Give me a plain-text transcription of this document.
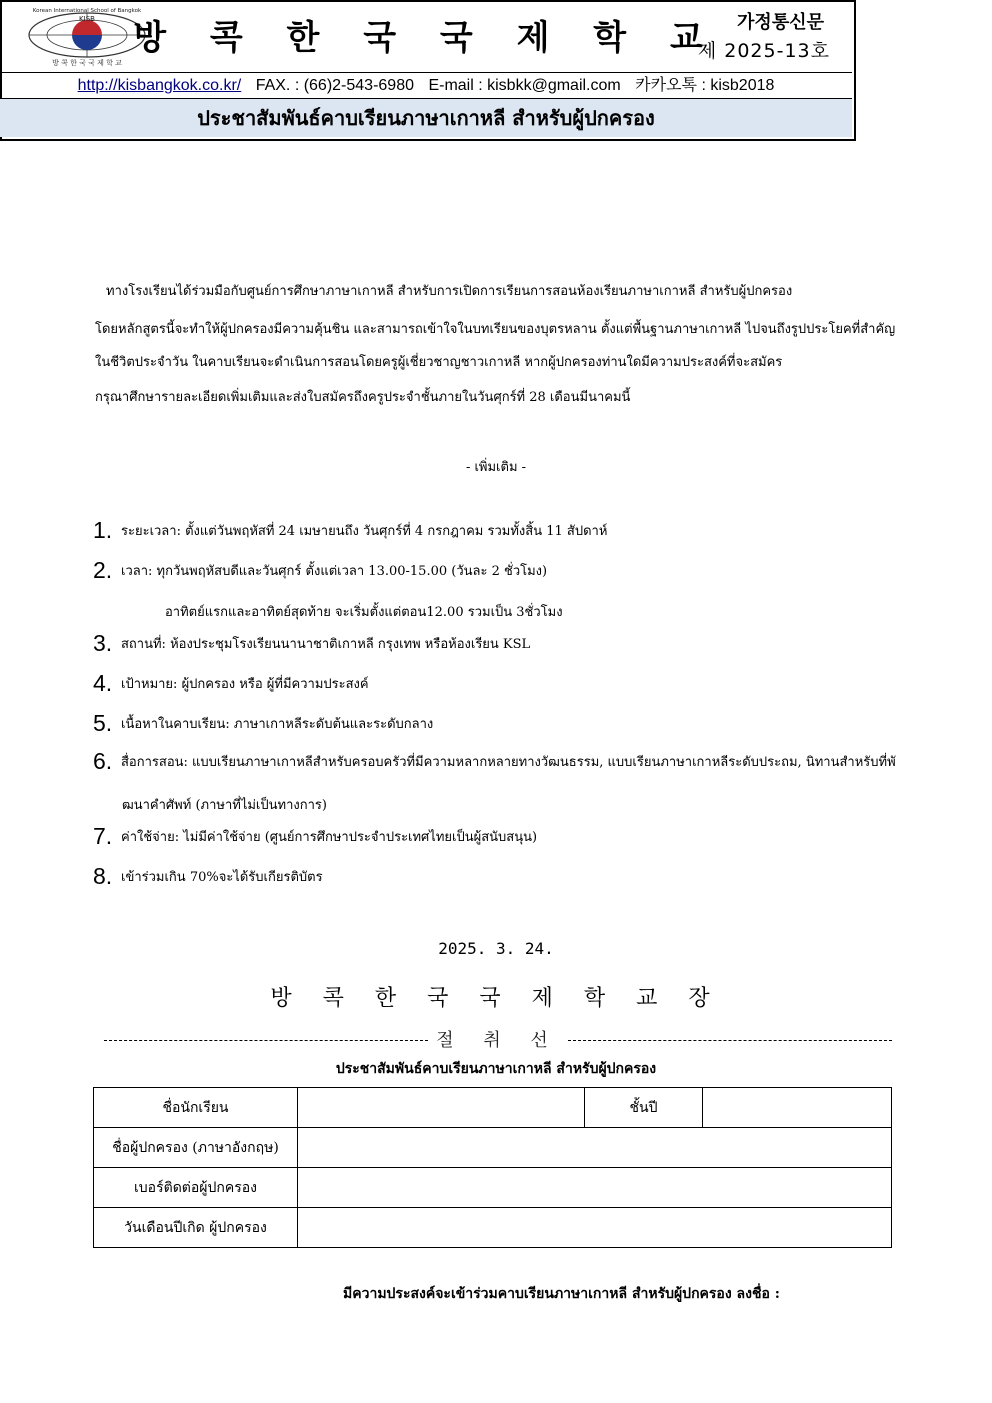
KISB
Korean International School of Bangkok
방 콕 한 국 국 제 학 교
방 콕 한 국 국 제 학 교	가정통신문
제 2025-13호
http://kisbangkok.co.kr/ FAX. : (66)2-543-6980 E-mail : kisbkk@gmail.com 카카오톡 : kisb2018
ประชาสัมพันธ์คาบเรียนภาษาเกาหลี สำหรับผู้ปกครอง
ทางโรงเรียนได้ร่วมมือกับศูนย์การศึกษาภาษาเกาหลี สำหรับการเปิดการเรียนการสอนห้องเรียนภาษาเกาหลี สำหรับผู้ปกครอง
โดยหลักสูตรนี้จะทำให้ผู้ปกครองมีความคุ้นชิน และสามารถเข้าใจในบทเรียนของบุตรหลาน ตั้งแต่พื้นฐานภาษาเกาหลี ไปจนถึงรูปประโยคที่สำคัญ
ในชีวิตประจำวัน ในคาบเรียนจะดำเนินการสอนโดยครูผู้เชี่ยวชาญชาวเกาหลี หากผู้ปกครองท่านใดมีความประสงค์ที่จะสมัคร
กรุณาศึกษารายละเอียดเพิ่มเติมและส่งใบสมัครถึงครูประจำชั้นภายในวันศุกร์ที่ 28 เดือนมีนาคมนี้
- เพิ่มเติม -
1. ระยะเวลา: ตั้งแต่วันพฤหัสที่ 24 เมษายนถึง วันศุกร์ที่ 4 กรกฎาคม รวมทั้งสิ้น 11 สัปดาห์
2. เวลา: ทุกวันพฤหัสบดีและวันศุกร์ ตั้งแต่เวลา 13.00-15.00 (วันละ 2 ชั่วโมง)
อาทิตย์แรกและอาทิตย์สุดท้าย จะเริ่มตั้งแต่ตอน12.00 รวมเป็น 3ชั่วโมง
3. สถานที่: ห้องประชุมโรงเรียนนานาชาติเกาหลี กรุงเทพ หรือห้องเรียน KSL
4. เป้าหมาย: ผู้ปกครอง หรือ ผู้ที่มีความประสงค์
5. เนื้อหาในคาบเรียน: ภาษาเกาหลีระดับต้นและระดับกลาง
6. สื่อการสอน: แบบเรียนภาษาเกาหลีสำหรับครอบครัวที่มีความหลากหลายทางวัฒนธรรม, แบบเรียนภาษาเกาหลีระดับประถม, นิทานสำหรับที่พั
ฒนาคำศัพท์ (ภาษาที่ไม่เป็นทางการ)
7. ค่าใช้จ่าย: ไม่มีค่าใช้จ่าย (ศูนย์การศึกษาประจำประเทศไทยเป็นผู้สนับสนุน)
8. เข้าร่วมเกิน 70%จะได้รับเกียรติบัตร
2025. 3. 24.
방 콕 한 국 국 제 학 교 장
절 취 선
ประชาสัมพันธ์คาบเรียนภาษาเกาหลี สำหรับผู้ปกครอง
ชื่อนักเรียน		ชั้นปี	
ชื่อผู้ปกครอง (ภาษาอังกฤษ)			
เบอร์ติดต่อผู้ปกครอง			
วันเดือนปีเกิด ผู้ปกครอง			
มีความประสงค์จะเข้าร่วมคาบเรียนภาษาเกาหลี สำหรับผู้ปกครอง ลงชื่อ :
